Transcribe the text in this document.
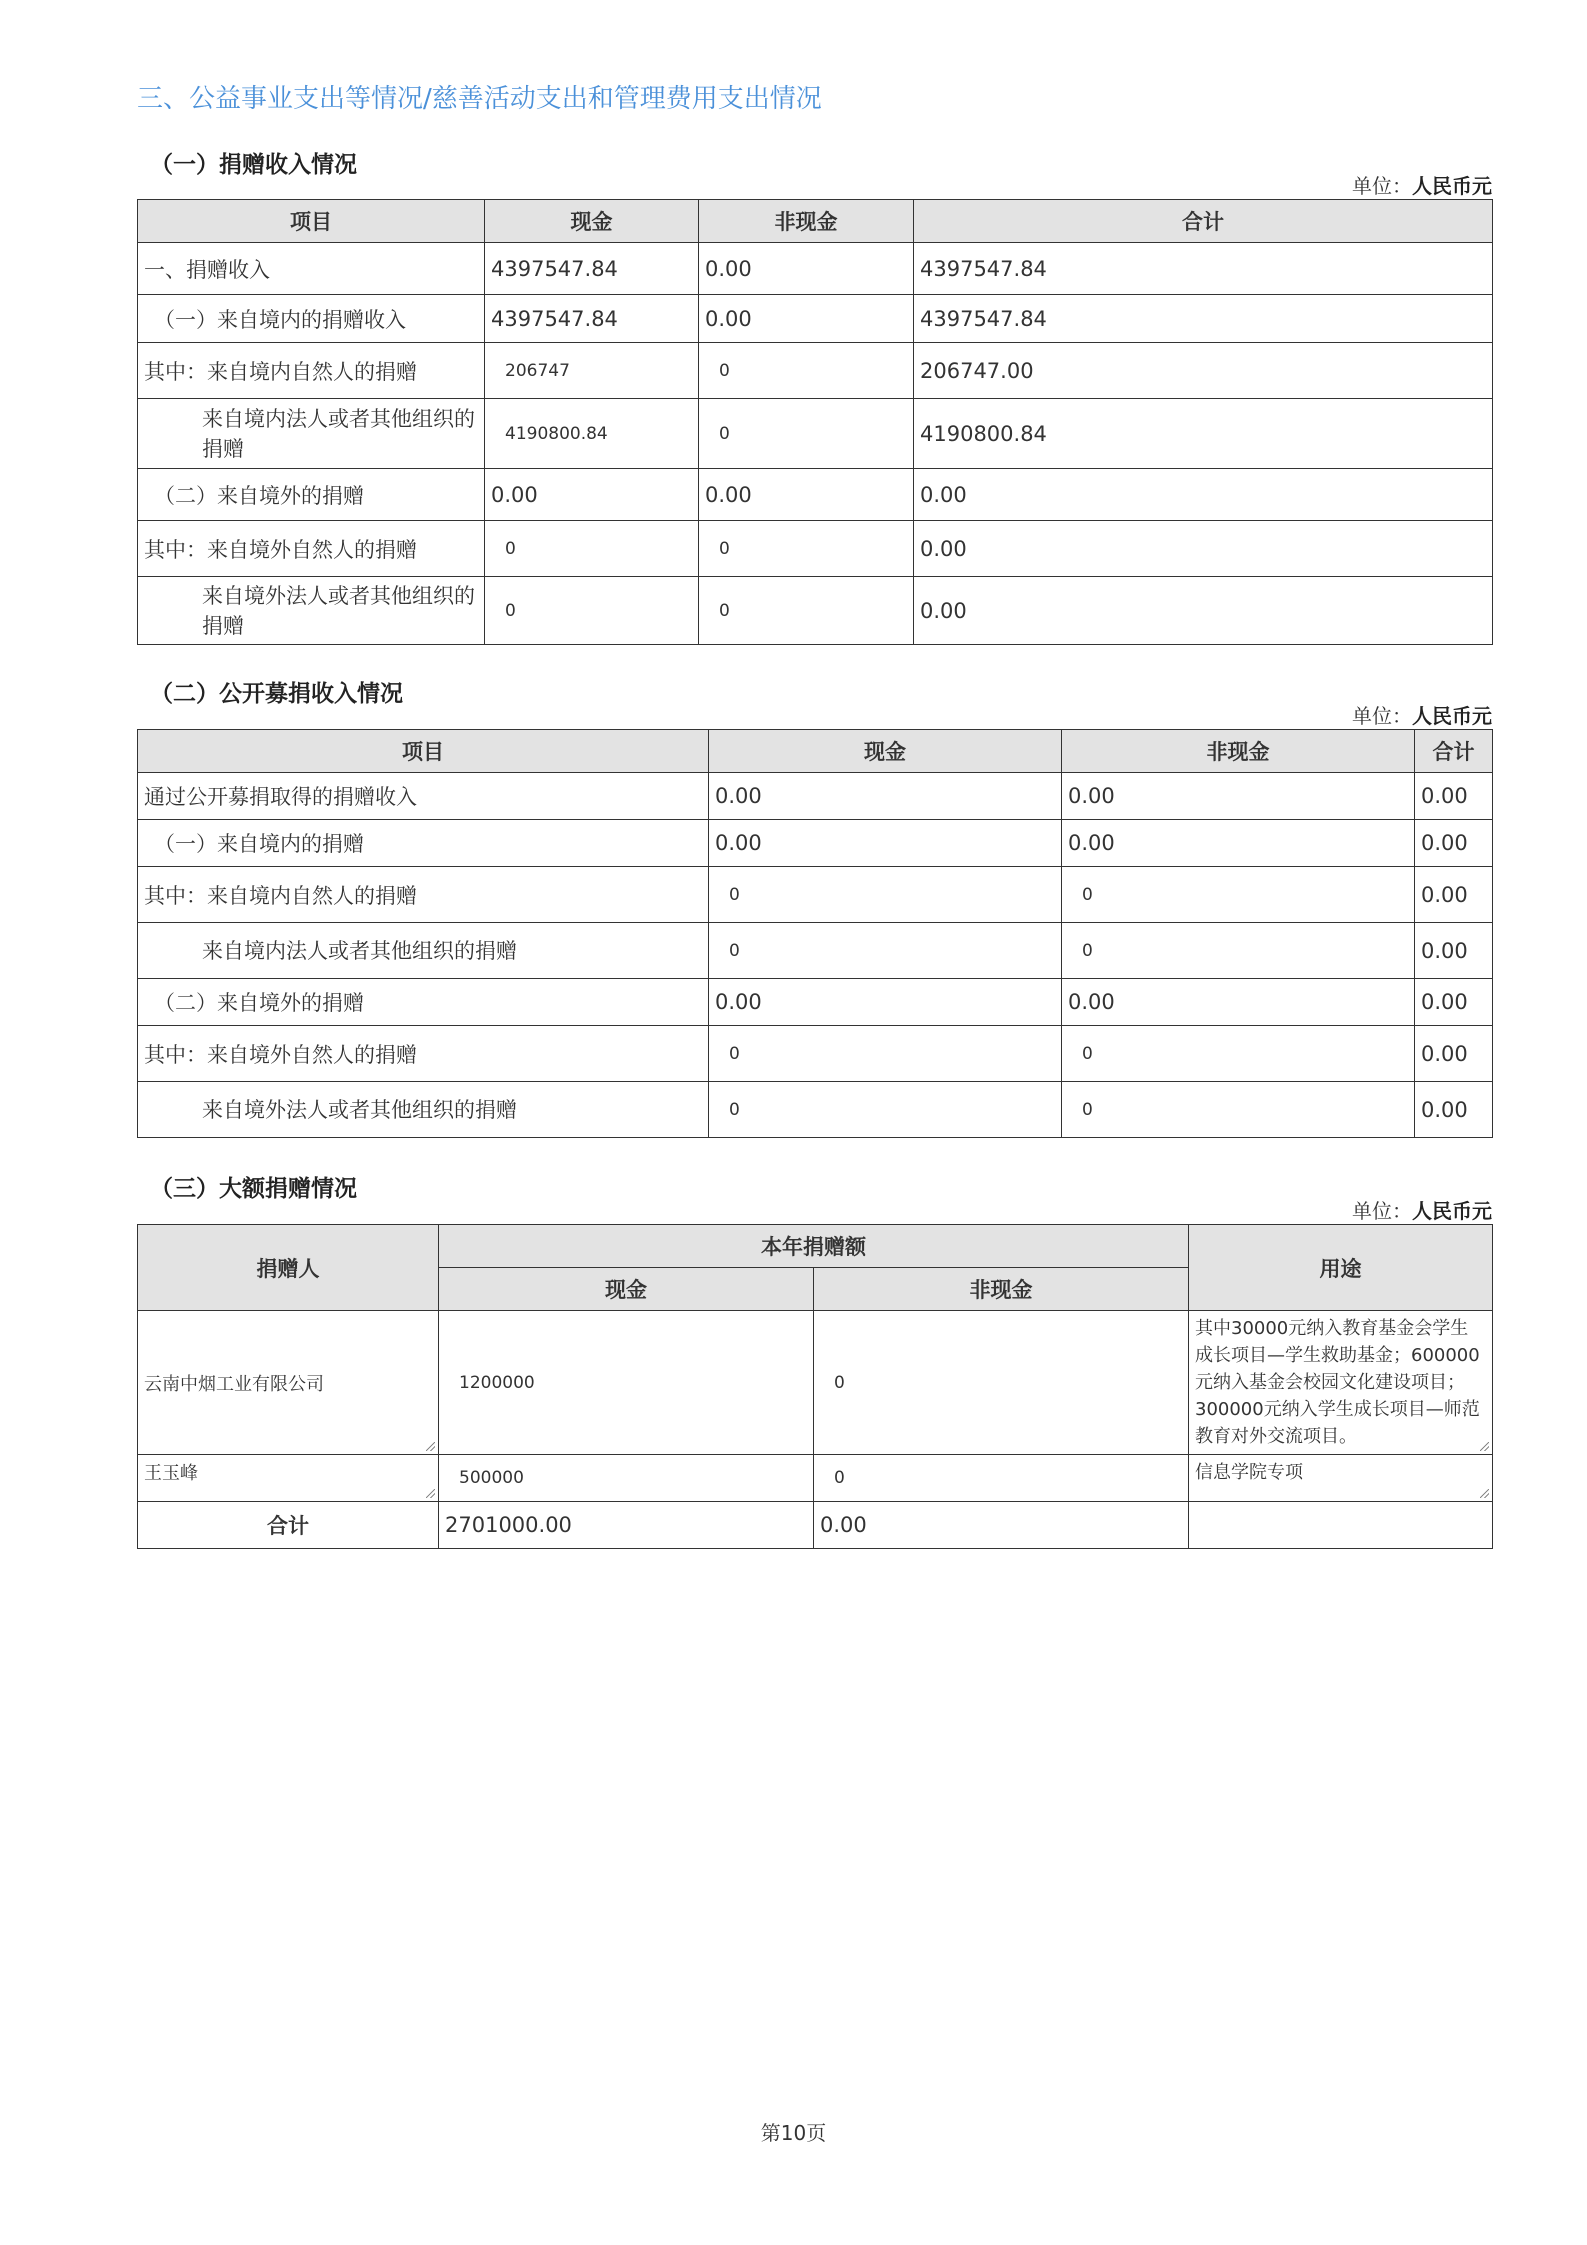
三、公益事业支出等情况/慈善活动支出和管理费用支出情况
（一）捐赠收入情况
单位：人民币元
项目	现金	非现金	合计
一、捐赠收入	4397547.84	0.00	4397547.84
（一）来自境内的捐赠收入	4397547.84	0.00	4397547.84
其中：来自境内自然人的捐赠	206747	0	206747.00
来自境内法人或者其他组织的捐赠	4190800.84	0	4190800.84
（二）来自境外的捐赠	0.00	0.00	0.00
其中：来自境外自然人的捐赠	0	0	0.00
来自境外法人或者其他组织的捐赠	0	0	0.00
（二）公开募捐收入情况
单位：人民币元
项目	现金	非现金	合计
通过公开募捐取得的捐赠收入	0.00	0.00	0.00
（一）来自境内的捐赠	0.00	0.00	0.00
其中：来自境内自然人的捐赠	0	0	0.00
来自境内法人或者其他组织的捐赠	0	0	0.00
（二）来自境外的捐赠	0.00	0.00	0.00
其中：来自境外自然人的捐赠	0	0	0.00
来自境外法人或者其他组织的捐赠	0	0	0.00
（三）大额捐赠情况
单位：人民币元
捐赠人	本年捐赠额		用途
	现金	非现金	
云南中烟工业有限公司	1200000	0	其中30000元纳入教育基金会学生成长项目—学生救助基金；600000元纳入基金会校园文化建设项目；300000元纳入学生成长项目—师范教育对外交流项目。
王玉峰	500000	0	信息学院专项
合计	2701000.00	0.00	
第10页
